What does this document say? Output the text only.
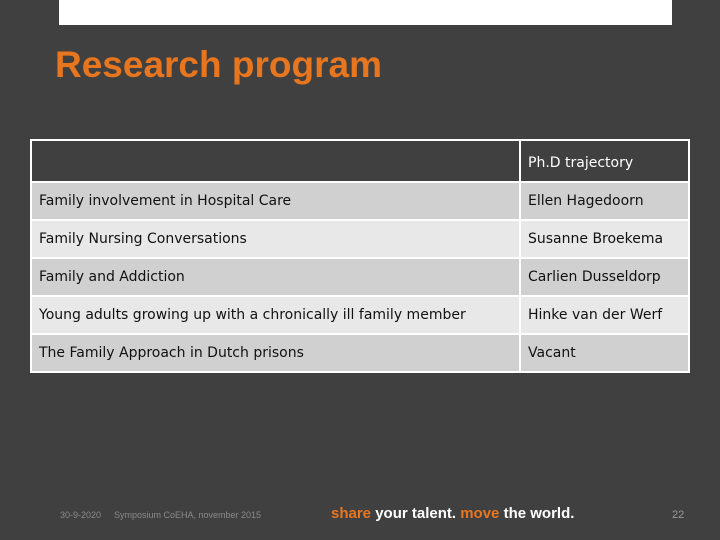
Research program
	Ph.D trajectory
Family involvement in Hospital Care	Ellen Hagedoorn
Family Nursing Conversations	Susanne Broekema
Family and Addiction	Carlien Dusseldorp
Young adults growing up with a chronically ill family member	Hinke van der Werf
The Family Approach in Dutch prisons	Vacant
30-9-2020 Symposium CoEHA, november 2015	share your talent. move the world.	22
